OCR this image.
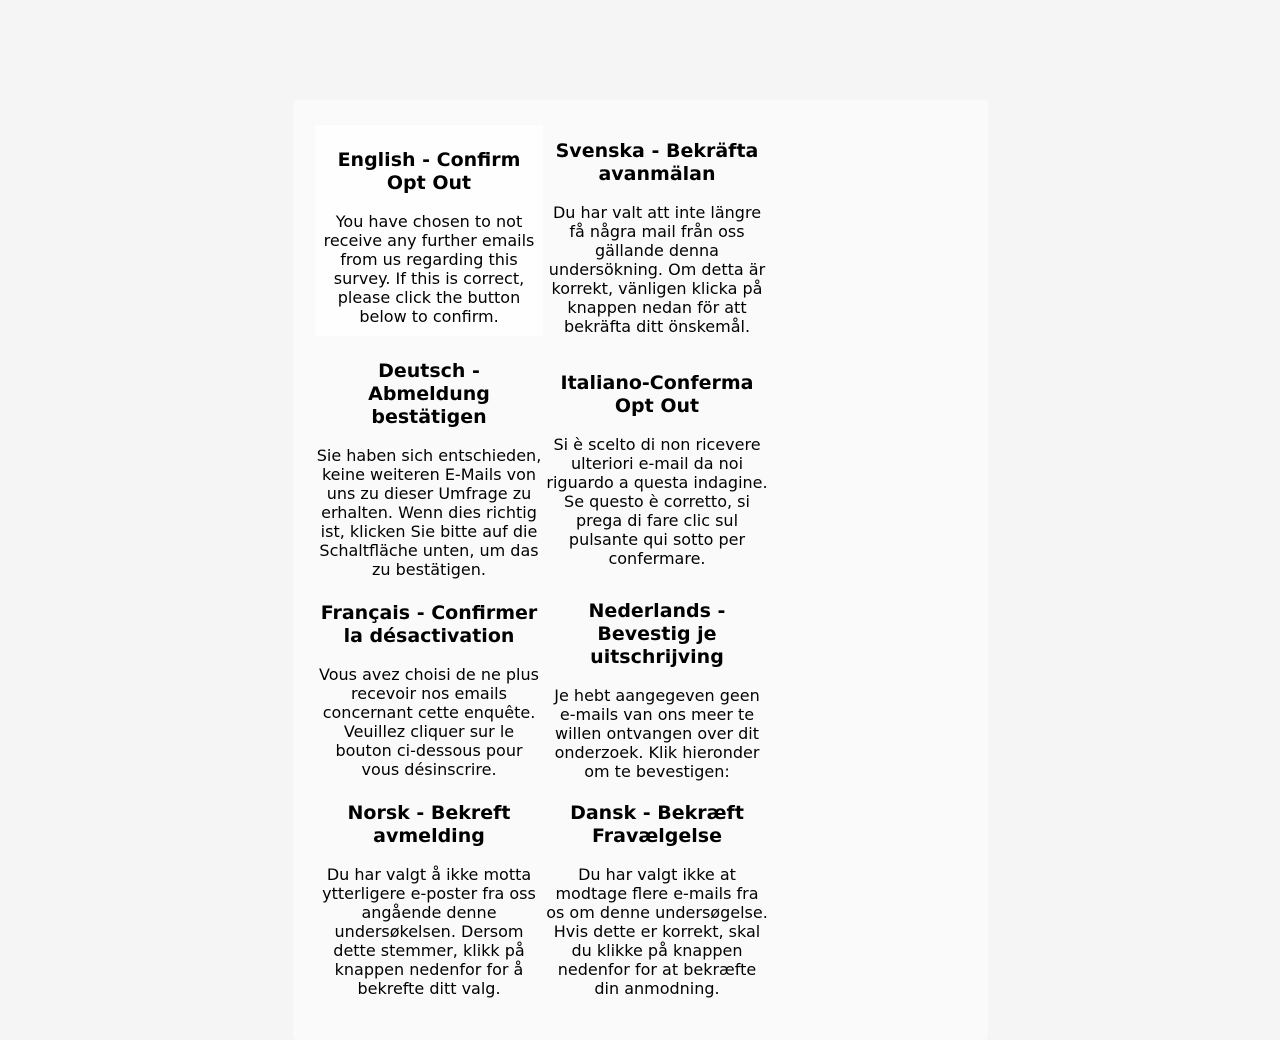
English - Confirm Opt Out

You have chosen to not receive any further emails from us regarding this survey. If this is correct, please click the button below to confirm.

Svenska - Bekräfta avanmälan

Du har valt att inte längre få några mail från oss gällande denna undersökning. Om detta är korrekt, vänligen klicka på knappen nedan för att bekräfta ditt önskemål.

Deutsch - Abmeldung bestätigen

Sie haben sich entschieden, keine weiteren E-Mails von uns zu dieser Umfrage zu erhalten. Wenn dies richtig ist, klicken Sie bitte auf die Schaltfläche unten, um das zu bestätigen.

Italiano-Conferma Opt Out

Si è scelto di non ricevere ulteriori e-mail da noi riguardo a questa indagine. Se questo è corretto, si prega di fare clic sul pulsante qui sotto per confermare.

Français - Confirmer la désactivation

Vous avez choisi de ne plus recevoir nos emails concernant cette enquête. Veuillez cliquer sur le bouton ci-dessous pour vous désinscrire.

Nederlands - Bevestig je uitschrijving

Je hebt aangegeven geen e-mails van ons meer te willen ontvangen over dit onderzoek. Klik hieronder om te bevestigen:

Norsk - Bekreft avmelding

Du har valgt å ikke motta ytterligere e-poster fra oss angående denne undersøkelsen. Dersom dette stemmer, klikk på knappen nedenfor for å bekrefte ditt valg.

Dansk - Bekræft Fravælgelse

Du har valgt ikke at modtage flere e-mails fra os om denne undersøgelse. Hvis dette er korrekt, skal du klikke på knappen nedenfor for at bekræfte din anmodning.
